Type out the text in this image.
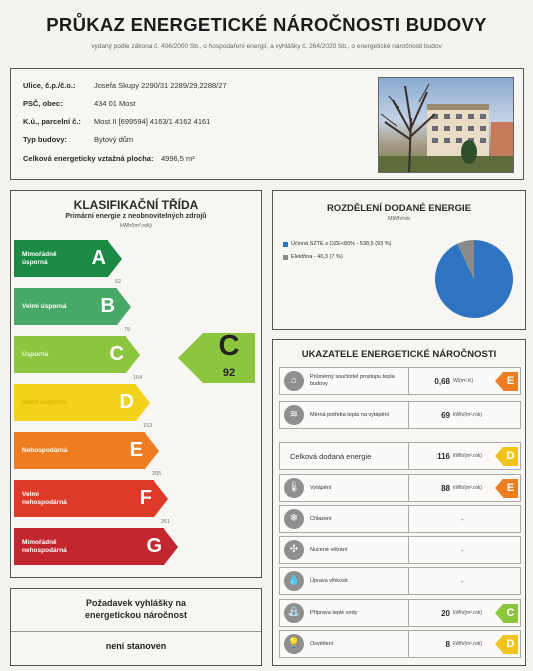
PRŮKAZ ENERGETICKÉ NÁROČNOSTI BUDOVY
vydaný podle zákona č. 406/2000 Sb., o hospodaření energií, a vyhlášky č. 264/2020 Sb., o energetické náročnosti budov
Ulice, č.p./č.o.: Josefa Skupy 2290/31 2289/29,2288/27
PSČ, obec:	434 01 Most
K.ú., parcelní č.: Most II [699594] 4163/1 4162 4161
Typ budovy:	Bytový dům
Celková energeticky vztažná plocha: 4996,5 m²
KLASIFIKAČNÍ TŘÍDA
Primární energie z neobnovitelných zdrojů
kWh/(m².rok)
Mimořádně úsporná	A
Velmi úsporná	B
Úsporná	C
Méně úsporná	D
Nehospodárná	E
Velmi nehospodárná	F
Mimořádně nehospodárná	G
52
79
104
153
205
261
C
92
Požadavek vyhlášky na energetickou náročnost
není stanoven
ROZDĚLENÍ DODANÉ ENERGIE
MWh/rok
Účinná SZTE s OZE<80% - 538,5 (93 %)
Elektřina - 40,3 (7 %)
UKAZATELE ENERGETICKÉ NÁROČNOSTI
⌂	Průměrný součinitel prostupu tepla budovy	0,68 W/(m².K)	E
≋	Měrná potřeba tepla na vytápění	69 kWh/(m².rok)
Celková dodaná energie	116 kWh/(m².rok)	D
🌡	Vytápění	88 kWh/(m².rok)	E
❄	Chlazení	-
✣	Nucené větrání	-
💧	Úprava vlhkosti	-
⛲	Příprava teplé vody	20 kWh/(m².rok)	C
💡	Osvětlení	8 kWh/(m².rok)	D
